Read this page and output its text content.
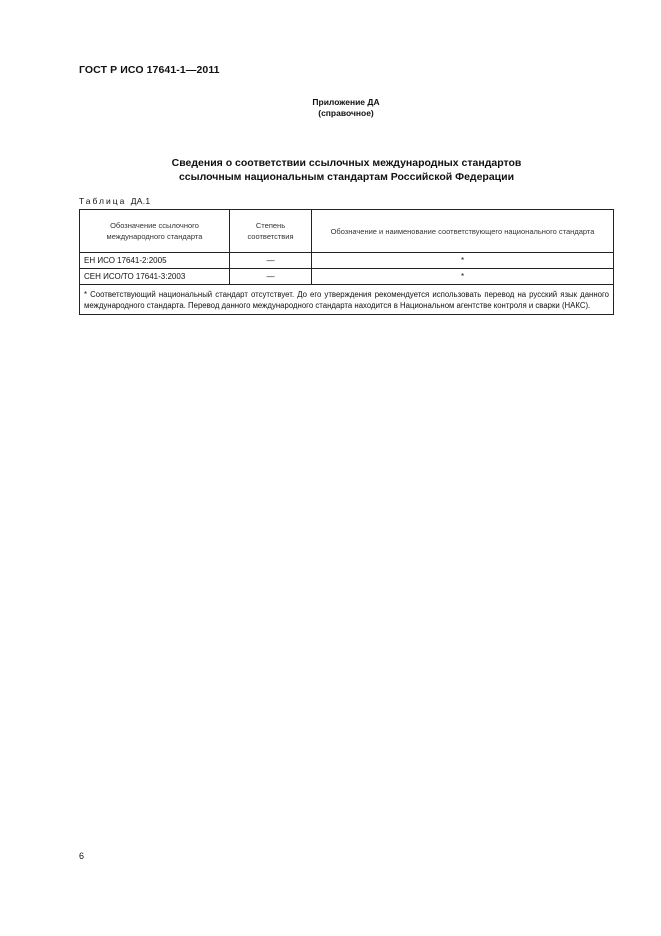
ГОСТ Р ИСО 17641-1—2011
Приложение ДА
(справочное)
Сведения о соответствии ссылочных международных стандартов
ссылочным национальным стандартам Российской Федерации
Таблица ДА.1
Обозначение ссылочного международного стандарта	Степень соответствия	Обозначение и наименование соответствующего национального стандарта
ЕН ИСО 17641-2:2005	—	*
СЕН ИСО/ТО 17641-3:2003	—	*
* Соответствующий национальный стандарт отсутствует. До его утверждения рекомендуется использовать перевод на русский язык данного международного стандарта. Перевод данного международного стандарта находится в Национальном агентстве контроля и сварки (НАКС).		
6
